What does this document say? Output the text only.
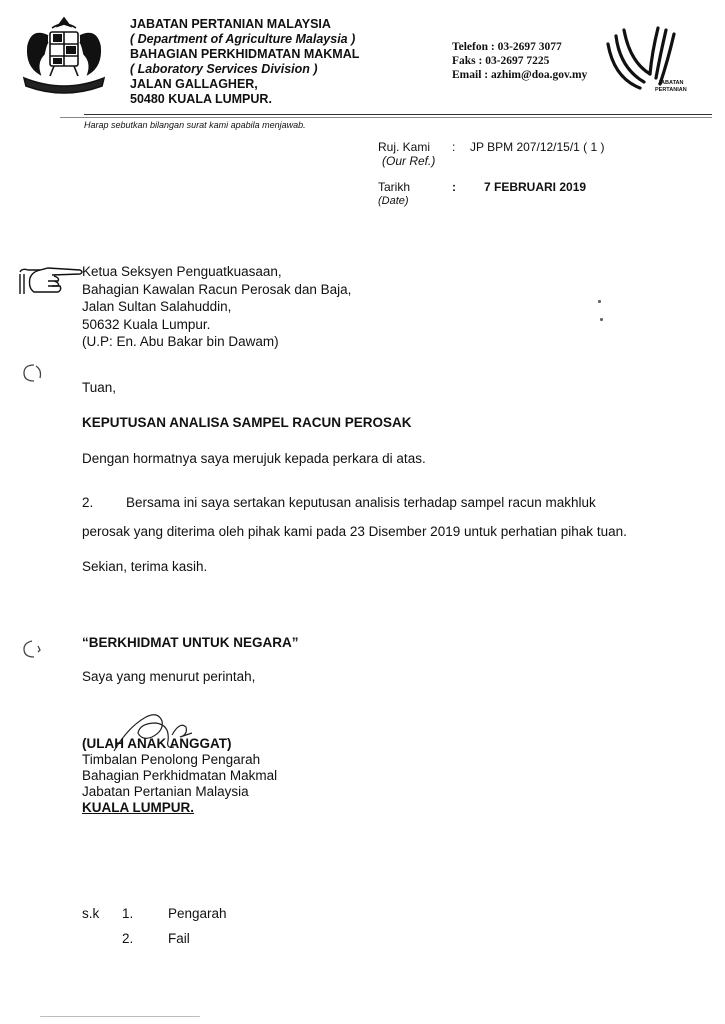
JABATAN PERTANIAN MALAYSIA
( Department of Agriculture Malaysia )
BAHAGIAN PERKHIDMATAN MAKMAL
( Laboratory Services Division )
JALAN GALLAGHER,
50480 KUALA LUMPUR.
Telefon : 03-2697 3077
Faks : 03-2697 7225
Email : azhim@doa.gov.my
JABATAN
PERTANIAN
Harap sebutkan bilangan surat kami apabila menjawab.
Ruj. Kami
(Our Ref.)
: JP BPM 207/12/15/1 ( 1 )
Tarikh
(Date)
: 7 FEBRUARI 2019
Ketua Seksyen Penguatkuasaan,
Bahagian Kawalan Racun Perosak dan Baja,
Jalan Sultan Salahuddin,
50632 Kuala Lumpur.
(U.P: En. Abu Bakar bin Dawam)
Tuan,
KEPUTUSAN ANALISA SAMPEL RACUN PEROSAK
Dengan hormatnya saya merujuk kepada perkara di atas.
2. Bersama ini saya sertakan keputusan analisis terhadap sampel racun makhluk
perosak yang diterima oleh pihak kami pada 23 Disember 2019 untuk perhatian pihak tuan.
Sekian, terima kasih.
“BERKHIDMAT UNTUK NEGARA”
Saya yang menurut perintah,
(ULAH ANAK ANGGAT)
Timbalan Penolong Pengarah
Bahagian Perkhidmatan Makmal
Jabatan Pertanian Malaysia
KUALA LUMPUR.
s.k 1.	Pengarah
2.	Fail
